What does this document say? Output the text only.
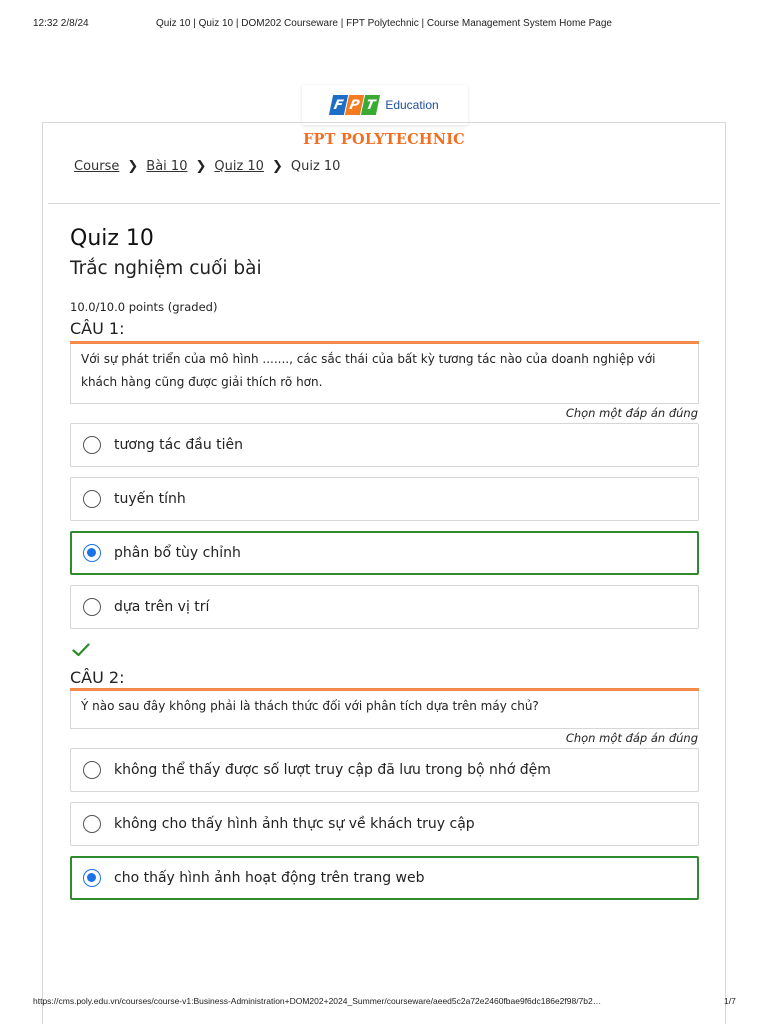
12:32 2/8/24	Quiz 10 | Quiz 10 | DOM202 Courseware | FPT Polytechnic | Course Management System Home Page
F P T Education
FPT POLYTECHNIC
Course ❯ Bài 10 ❯ Quiz 10 ❯ Quiz 10
Quiz 10
Trắc nghiệm cuối bài
10.0/10.0 points (graded)
CÂU 1:
Với sự phát triển của mô hình ......., các sắc thái của bất kỳ tương tác nào của doanh nghiệp với khách hàng cũng được giải thích rõ hơn.
Chọn một đáp án đúng
tương tác đầu tiên
tuyến tính
phân bổ tùy chỉnh
dựa trên vị trí
CÂU 2:
Ý nào sau đây không phải là thách thức đối với phân tích dựa trên máy chủ?
Chọn một đáp án đúng
không thể thấy được số lượt truy cập đã lưu trong bộ nhớ đệm
không cho thấy hình ảnh thực sự về khách truy cập
cho thấy hình ảnh hoạt động trên trang web
https://cms.poly.edu.vn/courses/course-v1:Business-Administration+DOM202+2024_Summer/courseware/aeed5c2a72e2460fbae9f6dc186e2f98/7b2…	1/7
